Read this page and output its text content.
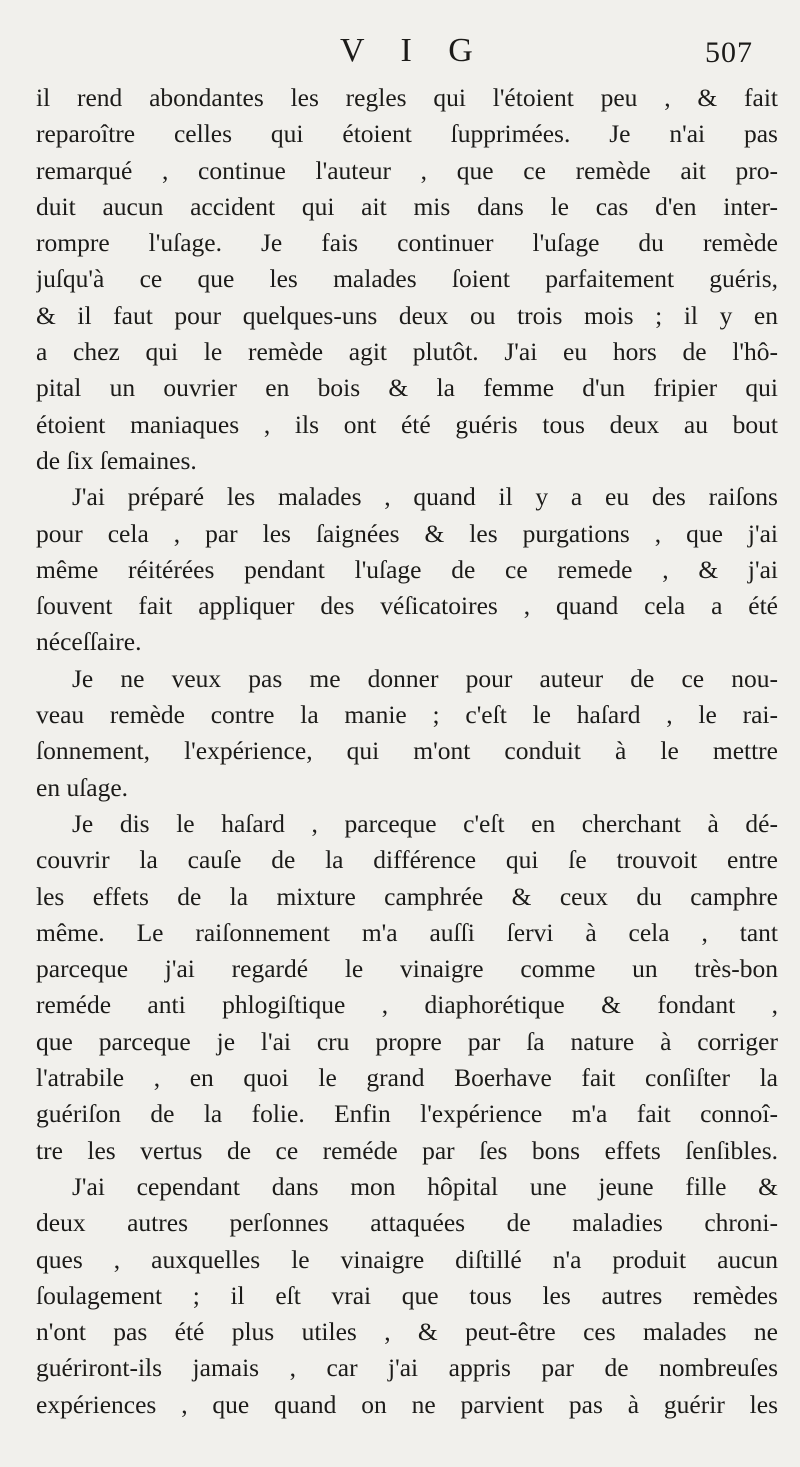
V I G	507
il rend abondantes les regles qui l'étoient peu , & fait
reparoître celles qui étoient ſupprimées. Je n'ai pas
remarqué , continue l'auteur , que ce remède ait pro-
duit aucun accident qui ait mis dans le cas d'en inter-
rompre l'uſage. Je fais continuer l'uſage du remède
juſqu'à ce que les malades ſoient parfaitement guéris,
& il faut pour quelques-uns deux ou trois mois ; il y en
a chez qui le remède agit plutôt. J'ai eu hors de l'hô-
pital un ouvrier en bois & la femme d'un fripier qui
étoient maniaques , ils ont été guéris tous deux au bout
de ſix ſemaines.
J'ai préparé les malades , quand il y a eu des raiſons
pour cela , par les ſaignées & les purgations , que j'ai
même réitérées pendant l'uſage de ce remede , & j'ai
ſouvent fait appliquer des véſicatoires , quand cela a été
néceſſaire.
Je ne veux pas me donner pour auteur de ce nou-
veau remède contre la manie ; c'eſt le haſard , le rai-
ſonnement, l'expérience, qui m'ont conduit à le mettre
en uſage.
Je dis le haſard , parceque c'eſt en cherchant à dé-
couvrir la cauſe de la différence qui ſe trouvoit entre
les effets de la mixture camphrée & ceux du camphre
même. Le raiſonnement m'a auſſi ſervi à cela , tant
parceque j'ai regardé le vinaigre comme un très-bon
reméde anti phlogiſtique , diaphorétique & fondant ,
que parceque je l'ai cru propre par ſa nature à corriger
l'atrabile , en quoi le grand Boerhave fait conſiſter la
guériſon de la folie. Enfin l'expérience m'a fait connoî-
tre les vertus de ce reméde par ſes bons effets ſenſibles.
J'ai cependant dans mon hôpital une jeune fille &
deux autres perſonnes attaquées de maladies chroni-
ques , auxquelles le vinaigre diſtillé n'a produit aucun
ſoulagement ; il eſt vrai que tous les autres remèdes
n'ont pas été plus utiles , & peut-être ces malades ne
guériront-ils jamais , car j'ai appris par de nombreuſes
expériences , que quand on ne parvient pas à guérir les
